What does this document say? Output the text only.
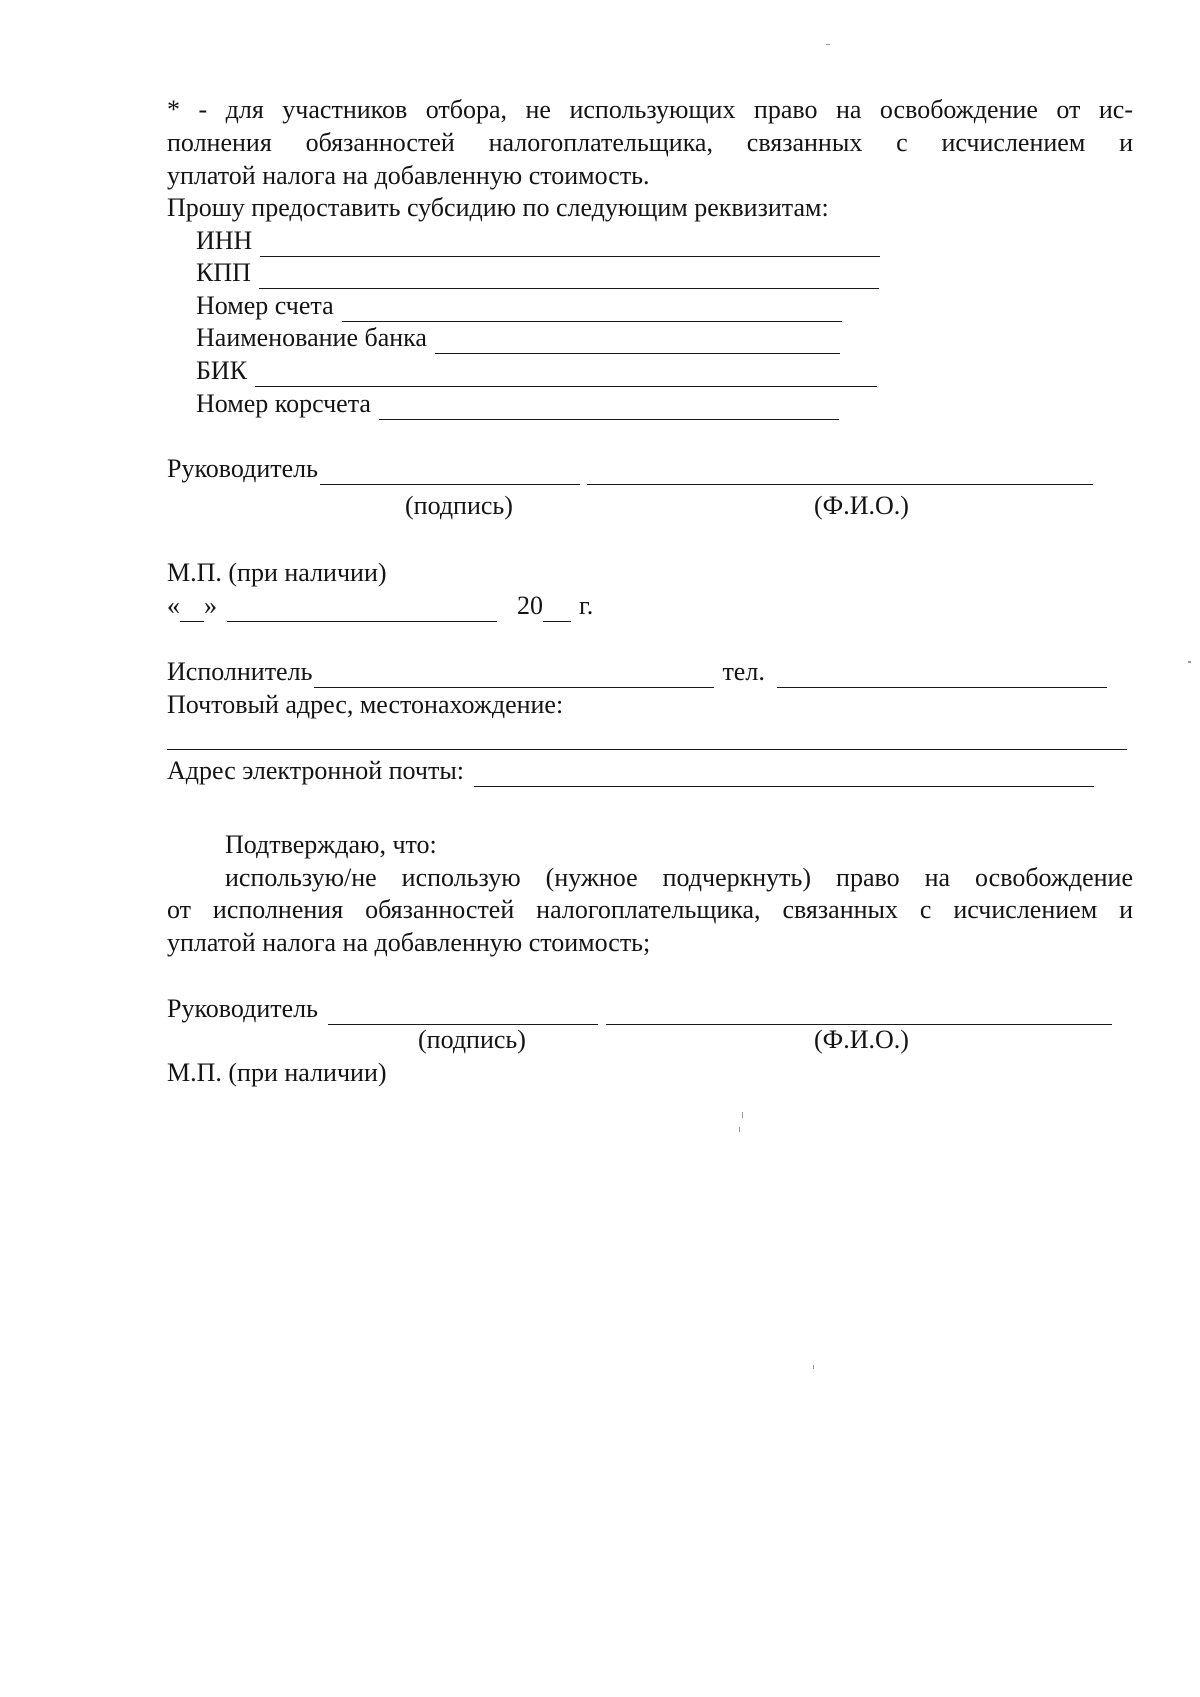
* - для участников отбора, не использующих право на освобождение от ис-
полнения обязанностей налогоплательщика, связанных с исчислением и
уплатой налога на добавленную стоимость.
Прошу предоставить субсидию по следующим реквизитам:
ИНН
КПП
Номер счета
Наименование банка
БИК
Номер корсчета
Руководитель
(подпись)	(Ф.И.О.)
М.П. (при наличии)
« »	20 г.
Исполнитель	тел.
Почтовый адрес, местонахождение:
Адрес электронной почты:
Подтверждаю, что:
использую/не использую (нужное подчеркнуть) право на освобождение
от исполнения обязанностей налогоплательщика, связанных с исчислением и
уплатой налога на добавленную стоимость;
Руководитель
(подпись)	(Ф.И.О.)
М.П. (при наличии)
